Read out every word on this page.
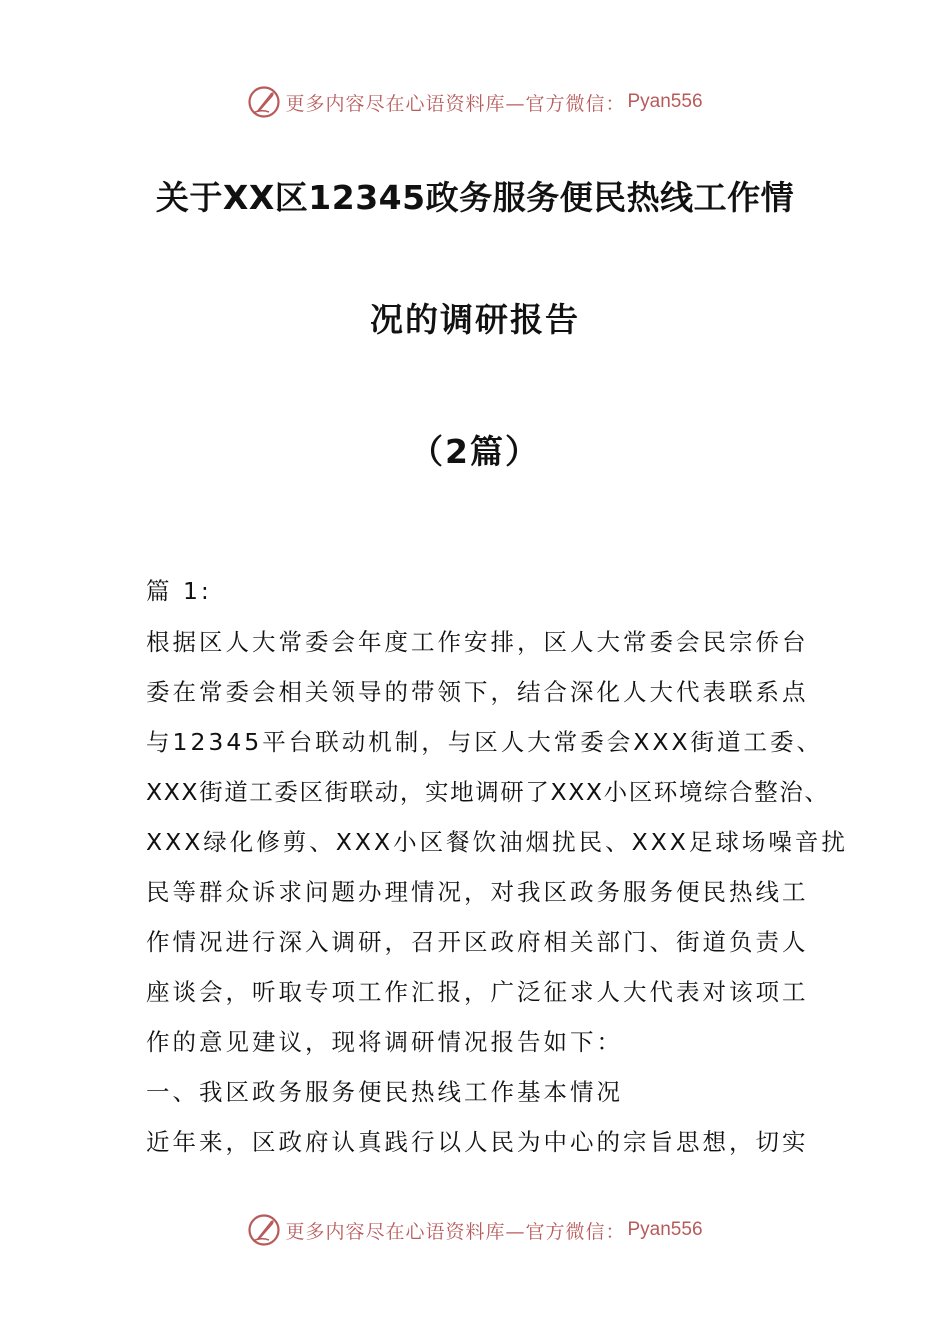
更多内容尽在心语资料库—官方微信： Pyan556
关于XX区12345政务服务便民热线工作情
况的调研报告
（2篇）
篇 1:
根据区人大常委会年度工作安排，区人大常委会民宗侨台
委在常委会相关领导的带领下，结合深化人大代表联系点
与12345平台联动机制，与区人大常委会XXX街道工委、
XXX街道工委区街联动，实地调研了XXX小区环境综合整治、
XXX绿化修剪、XXX小区餐饮油烟扰民、XXX足球场噪音扰
民等群众诉求问题办理情况，对我区政务服务便民热线工
作情况进行深入调研，召开区政府相关部门、街道负责人
座谈会，听取专项工作汇报，广泛征求人大代表对该项工
作的意见建议，现将调研情况报告如下：
一、我区政务服务便民热线工作基本情况
近年来，区政府认真践行以人民为中心的宗旨思想，切实
更多内容尽在心语资料库—官方微信： Pyan556
